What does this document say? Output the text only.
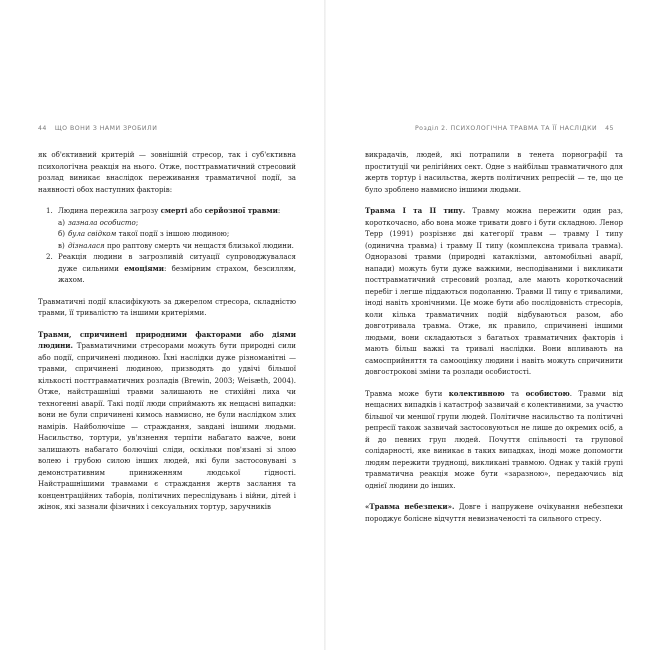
44 ЩО ВОНИ З НАМИ ЗРОБИЛИ

як об'єктивний критерій — зовнішній стресор, так і суб'єктивна психологічна реакція на нього. Отже, посттравматичний стресовий розлад виникає внаслідок переживання травматичної події, за наявності обох наступних факторів:

1. Людина пережила загрозу смерті або серйозної травми:
а) зазнала особисто;
б) була свідком такої події з іншою людиною;
в) дізналася про раптову смерть чи нещастя близької людини.
2. Реакція людини в загрозливій ситуації супроводжувалася дуже сильними емоціями: безмірним страхом, безсиллям, жахом.

Травматичні події класифікують за джерелом стресора, складністю травми, її тривалістю та іншими критеріями.

Травми, спричинені природними факторами або діями людини. Травматичними стресорами можуть бути природні сили або події, спричинені людиною. Їхні наслідки дуже різноманітні — травми, спричинені людиною, призводять до удвічі більшої кількості посттравматичних розладів (Brewin, 2003; Weisæth, 2004). Отже, найстрашніші травми залишають не стихійні лиха чи техногенні аварії. Такі події люди сприймають як нещасні випадки: вони не були спричинені кимось навмисно, не були наслідком злих намірів. Найболючіше — страждання, завдані іншими людьми. Насильство, тортури, ув'язнення терпіти набагато важче, вони залишають набагато болючіші сліди, оскільки пов'язані зі злою волею і грубою силою інших людей, які були застосовувані з демонстративним приниженням людської гідності. Найстрашнішими травмами є страждання жертв заслання та концентраційних таборів, політичних переслідувань і війни, дітей і жінок, які зазнали фізичних і сексуальних тортур, заручників

Розділ 2. ПСИХОЛОГІЧНА ТРАВМА ТА ЇЇ НАСЛІДКИ 45

викрадачів, людей, які потрапили в тенета порнографії та проституції чи релігійних сект. Одне з найбільш травматичного для жертв тортур і насильства, жертв політичних репресій — те, що це було зроблено навмисно іншими людьми.

Травма І та ІІ типу. Травму можна пережити один раз, короткочасно, або вона може тривати довго і бути складною. Ленор Терр (1991) розрізняє дві категорії травм — травму І типу (одинична травма) і травму ІІ типу (комплексна тривала травма). Одноразові травми (природні катаклізми, автомобільні аварії, напади) можуть бути дуже важкими, несподіваними і викликати посттравматичний стресовий розлад, але мають короткочасний перебіг і легше піддаються подоланню. Травми ІІ типу є тривалими, іноді навіть хронічними. Це може бути або послідовність стресорів, коли кілька травматичних подій відбуваються разом, або довготривала травма. Отже, як правило, спричинені іншими людьми, вони складаються з багатьох травматичних факторів і мають більш важкі та тривалі наслідки. Вони впливають на самосприйняття та самооцінку людини і навіть можуть спричинити довгострокові зміни та розлади особистості.

Травма може бути колективною та особистою. Травми від нещасних випадків і катастроф зазвичай є колективними, за участю більшої чи меншої групи людей. Політичне насильство та політичні репресії також зазвичай застосовуються не лише до окремих осіб, а й до певних груп людей. Почуття спільності та групової солідарності, яке виникає в таких випадках, іноді може допомогти людям пережити труднощі, викликані травмою. Однак у такій групі травматична реакція може бути «заразною», передаючись від однієї людини до інших.

«Травма небезпеки». Довге і напружене очікування небезпеки породжує болісне відчуття невизначеності та сильного стресу.
